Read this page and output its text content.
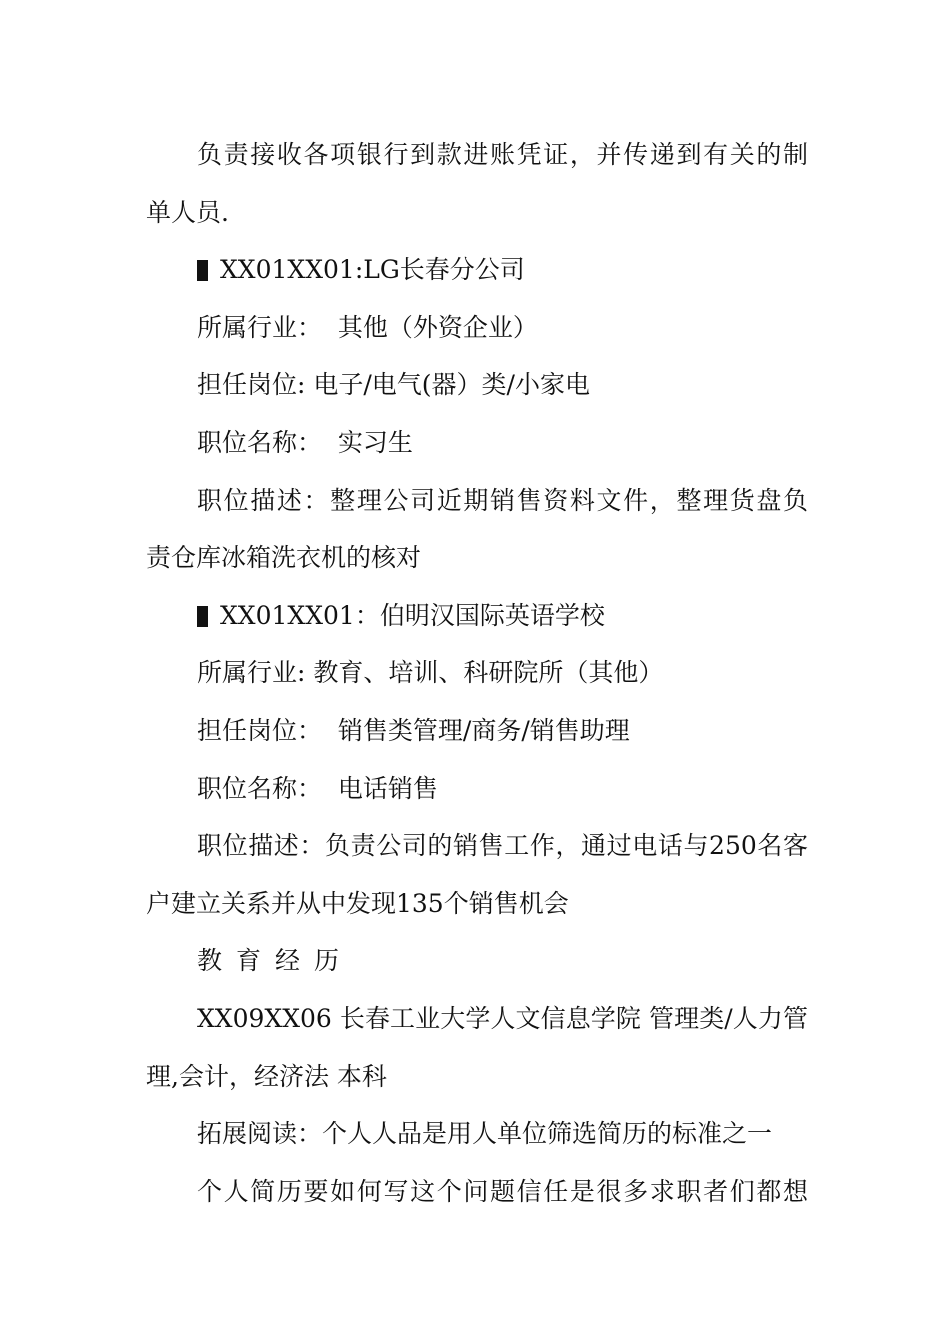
负责接收各项银行到款进账凭证，并传递到有关的制
单人员.
XX01XX01:LG长春分公司
所属行业：  其他（外资企业）
担任岗位: 电子/电气(器）类/小家电
职位名称：  实习生
职位描述：整理公司近期销售资料文件，整理货盘负
责仓库冰箱洗衣机的核对
XX01XX01：伯明汉国际英语学校
所属行业: 教育、培训、科研院所（其他）
担任岗位：  销售类管理/商务/销售助理
职位名称：  电话销售
职位描述：负责公司的销售工作，通过电话与250名客
户建立关系并从中发现135个销售机会
教育经历
XX09XX06 长春工业大学人文信息学院 管理类/人力管
理,会计，经济法 本科
拓展阅读：个人人品是用人单位筛选简历的标准之一
个人简历要如何写这个问题信任是很多求职者们都想
